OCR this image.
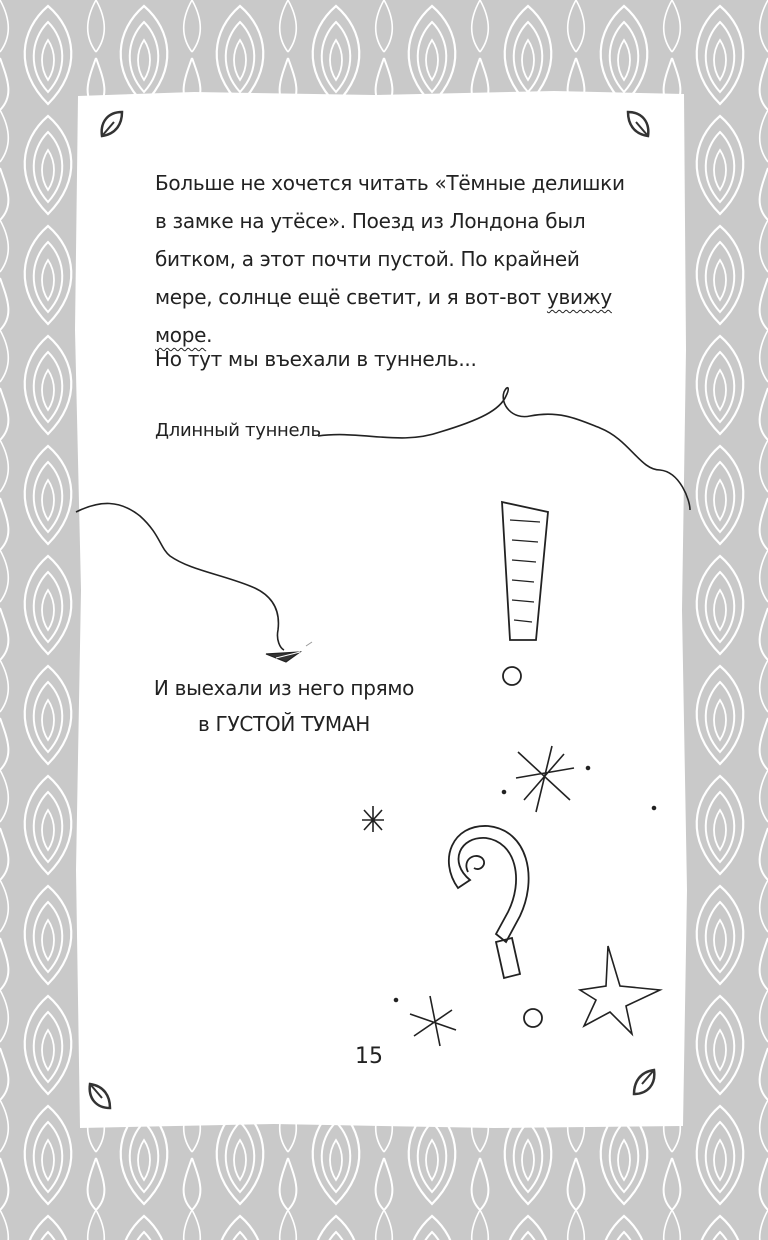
Больше не хочется читать «Тёмные делишки в замке на утёсе». Поезд из Лондона был битком, а этот почти пустой. По крайней мере, солнце ещё светит, и я вот-вот увижу море.
Но тут мы въехали в туннель...
Длинный туннель
И выехали из него прямо
в ГУСТОЙ ТУМАН
15
